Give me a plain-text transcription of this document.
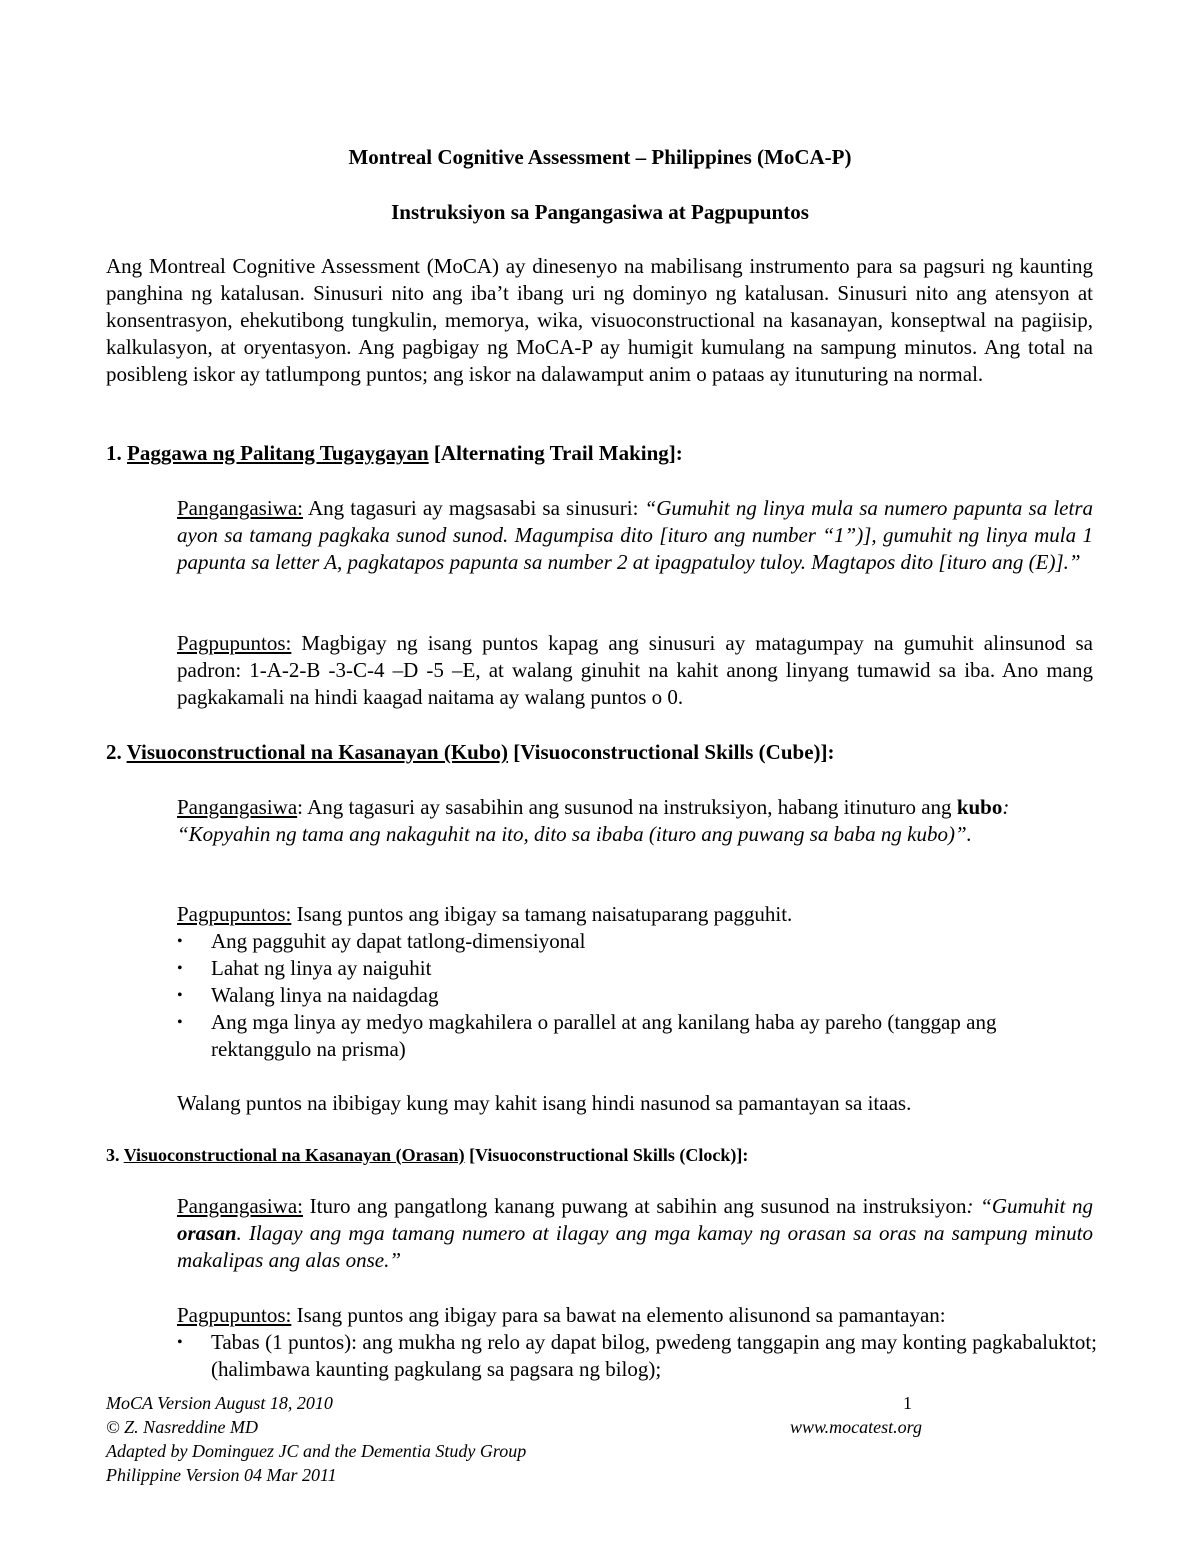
Montreal Cognitive Assessment – Philippines (MoCA-P)
Instruksiyon sa Pangangasiwa at Pagpupuntos
Ang Montreal Cognitive Assessment (MoCA) ay dinesenyo na mabilisang instrumento para sa pagsuri ng kaunting panghina ng katalusan. Sinusuri nito ang iba’t ibang uri ng dominyo ng katalusan. Sinusuri nito ang atensyon at konsentrasyon, ehekutibong tungkulin, memorya, wika, visuoconstructional na kasanayan, konseptwal na pagiisip, kalkulasyon, at oryentasyon. Ang pagbigay ng MoCA-P ay humigit kumulang na sampung minutos. Ang total na posibleng iskor ay tatlumpong puntos; ang iskor na dalawamput anim o pataas ay itunuturing na normal.
1. Paggawa ng Palitang Tugaygayan [Alternating Trail Making]:
Pangangasiwa: Ang tagasuri ay magsasabi sa sinusuri: “Gumuhit ng linya mula sa numero papunta sa letra ayon sa tamang pagkaka sunod sunod. Magumpisa dito [ituro ang number “1”)], gumuhit ng linya mula 1 papunta sa letter A, pagkatapos papunta sa number 2 at ipagpatuloy tuloy. Magtapos dito [ituro ang (E)].”
Pagpupuntos: Magbigay ng isang puntos kapag ang sinusuri ay matagumpay na gumuhit alinsunod sa padron: 1-A-2-B -3-C-4 –D -5 –E, at walang ginuhit na kahit anong linyang tumawid sa iba. Ano mang pagkakamali na hindi kaagad naitama ay walang puntos o 0.
2. Visuoconstructional na Kasanayan (Kubo) [Visuoconstructional Skills (Cube)]:
Pangangasiwa: Ang tagasuri ay sasabihin ang susunod na instruksiyon, habang itinuturo ang kubo: “Kopyahin ng tama ang nakaguhit na ito, dito sa ibaba (ituro ang puwang sa baba ng kubo)”.
Pagpupuntos: Isang puntos ang ibigay sa tamang naisatuparang pagguhit.
• Ang pagguhit ay dapat tatlong-dimensiyonal
• Lahat ng linya ay naiguhit
• Walang linya na naidagdag
• Ang mga linya ay medyo magkahilera o parallel at ang kanilang haba ay pareho (tanggap ang rektanggulo na prisma)
Walang puntos na ibibigay kung may kahit isang hindi nasunod sa pamantayan sa itaas.
3. Visuoconstructional na Kasanayan (Orasan) [Visuoconstructional Skills (Clock)]:
Pangangasiwa: Ituro ang pangatlong kanang puwang at sabihin ang susunod na instruksiyon: “Gumuhit ng orasan. Ilagay ang mga tamang numero at ilagay ang mga kamay ng orasan sa oras na sampung minuto makalipas ang alas onse.”
Pagpupuntos: Isang puntos ang ibigay para sa bawat na elemento alisunond sa pamantayan:
• Tabas (1 puntos): ang mukha ng relo ay dapat bilog, pwedeng tanggapin ang may konting pagkabaluktot; (halimbawa kaunting pagkulang sa pagsara ng bilog);
MoCA Version August 18, 2010
© Z. Nasreddine MD
Adapted by Dominguez JC and the Dementia Study Group
Philippine Version 04 Mar 2011
1
www.mocatest.org
